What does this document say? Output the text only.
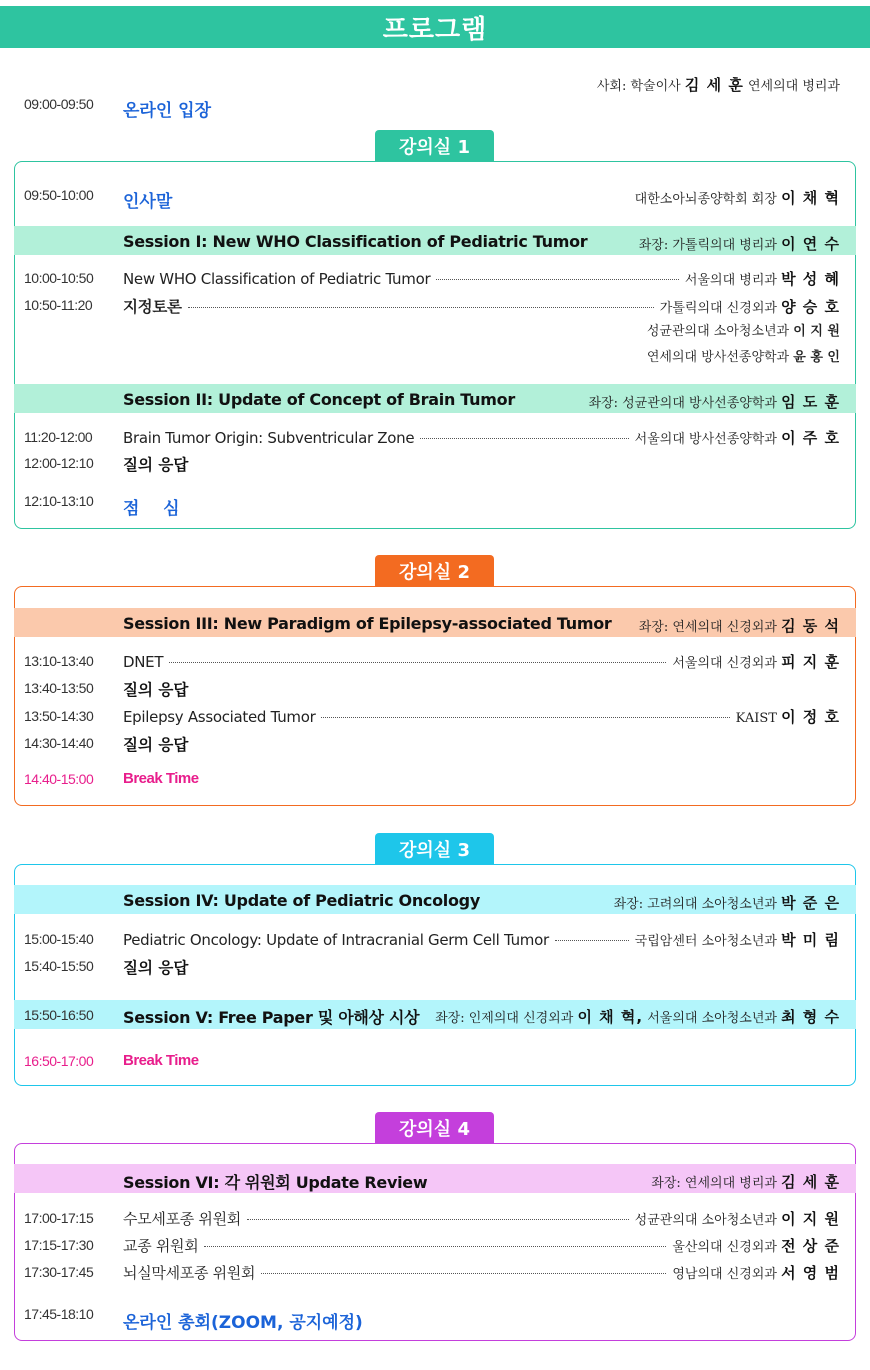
프로그램
사회: 학술이사 김 세 훈 연세의대 병리과
09:00-09:50 온라인 입장
강의실 1
09:50-10:00 인사말	대한소아뇌종양학회 회장 이 채 혁
Session I: New WHO Classification of Pediatric Tumor	좌장: 가톨릭의대 병리과 이 연 수
10:00-10:50 New WHO Classification of Pediatric Tumor	서울의대 병리과 박 성 혜
10:50-11:20 지정토론	가톨릭의대 신경외과 양 승 호
성균관의대 소아청소년과 이 지 원
연세의대 방사선종양학과 윤 홍 인
Session II: Update of Concept of Brain Tumor	좌장: 성균관의대 방사선종양학과 임 도 훈
11:20-12:00 Brain Tumor Origin: Subventricular Zone	서울의대 방사선종양학과 이 주 호
12:00-12:10 질의 응답
12:10-13:10 점    심
강의실 2
Session III: New Paradigm of Epilepsy-associated Tumor 좌장: 연세의대 신경외과 김 동 석
13:10-13:40 DNET	서울의대 신경외과 피 지 훈
13:40-13:50 질의 응답
13:50-14:30 Epilepsy Associated Tumor	KAIST 이 정 호
14:30-14:40 질의 응답
14:40-15:00 Break Time
강의실 3
Session IV: Update of Pediatric Oncology	좌장: 고려의대 소아청소년과 박 준 은
15:00-15:40 Pediatric Oncology: Update of Intracranial Germ Cell Tumor	국립암센터 소아청소년과 박 미 림
15:40-15:50 질의 응답
15:50-16:50 Session V: Free Paper 및 아해상 시상 좌장: 인제의대 신경외과 이 채 혁, 서울의대 소아청소년과 최 형 수
16:50-17:00 Break Time
강의실 4
Session VI: 각 위원회 Update Review	좌장: 연세의대 병리과 김 세 훈
17:00-17:15 수모세포종 위원회	성균관의대 소아청소년과 이 지 원
17:15-17:30 교종 위원회	울산의대 신경외과 전 상 준
17:30-17:45 뇌실막세포종 위원회	영남의대 신경외과 서 영 범
17:45-18:10 온라인 총회(ZOOM, 공지예정)
